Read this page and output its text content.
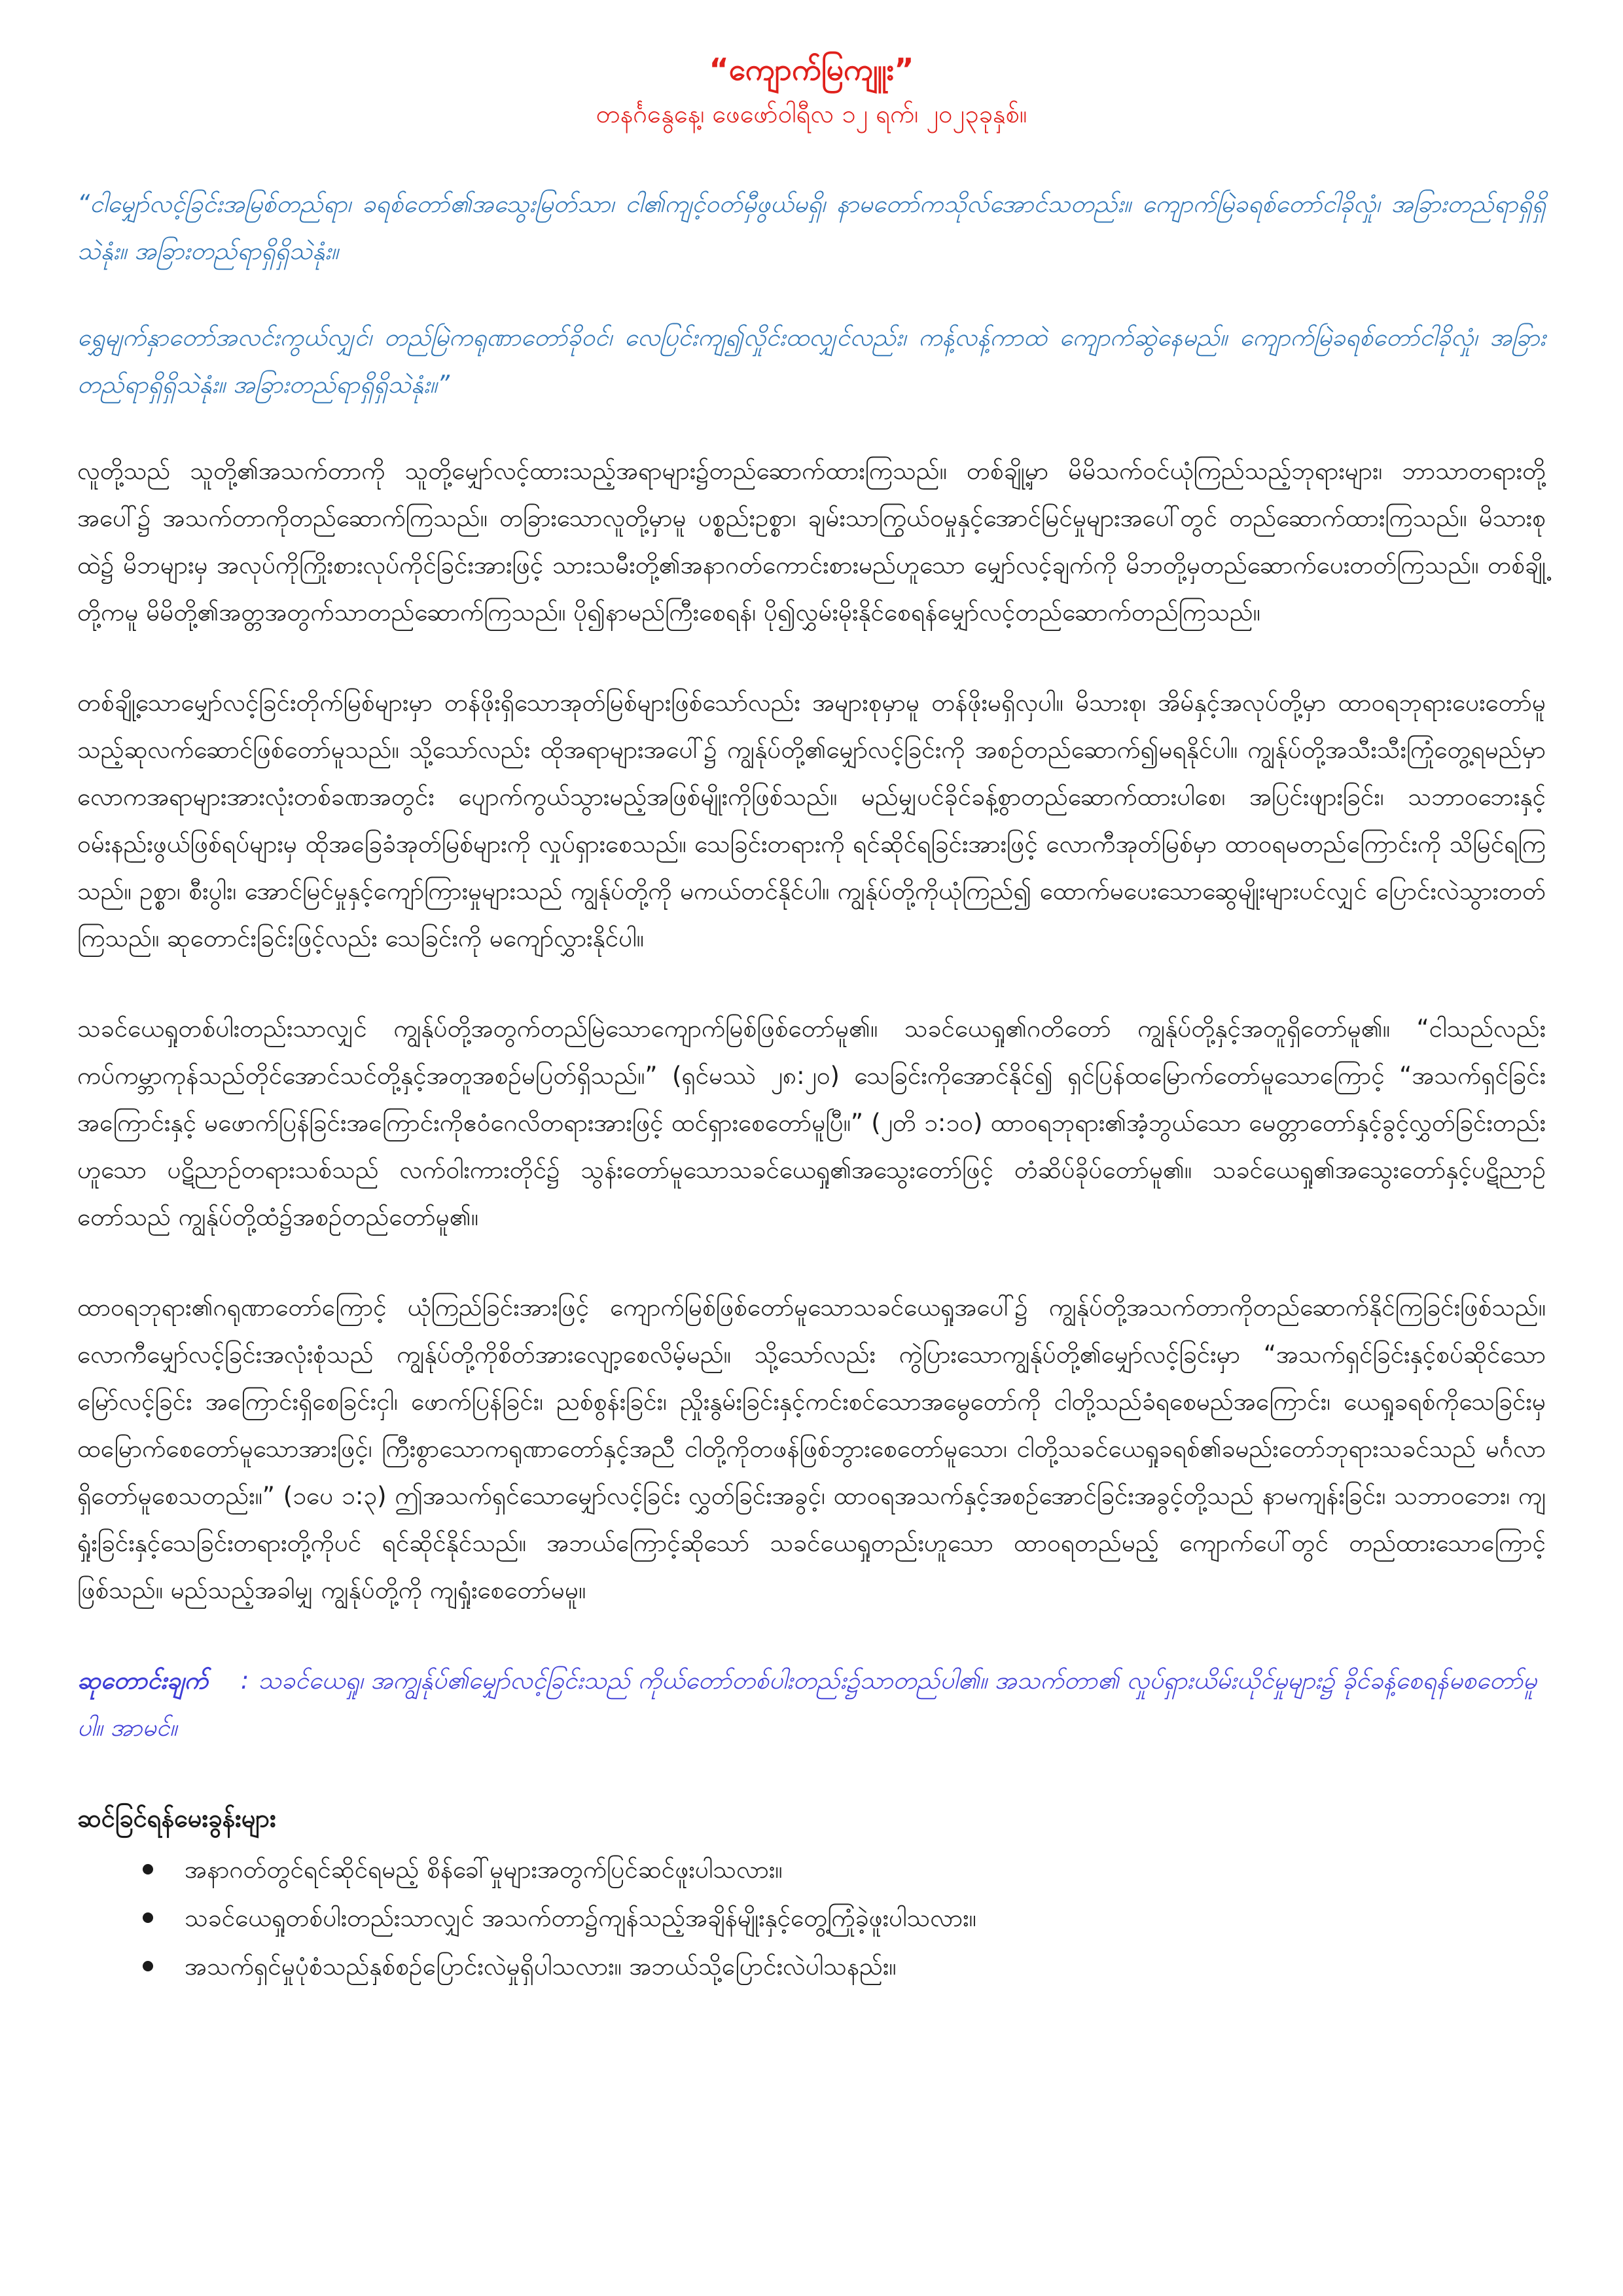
“ကျောက်မြကျူး”

တနင်္ဂနွေနေ့၊ ဖေဖော်ဝါရီလ ၁၂ ရက်၊ ၂၀၂၃ခုနှစ်။

“ငါမျှော်လင့်ခြင်းအမြစ်တည်ရာ၊ ခရစ်တော်၏အသွေးမြတ်သာ၊ ငါ၏ကျင့်ဝတ်မှီဖွယ်မရှိ၊ နာမတော်ကသိုလ်အောင်သတည်း။ ကျောက်မြဲခရစ်တော်ငါခိုလှုံ၊ အခြားတည်ရာရှိရှိသဲနုံး။ အခြားတည်ရာရှိရှိသဲနုံး။

ရွှေမျက်နှာတော်အလင်းကွယ်လျှင်၊ တည်မြဲကရုဏာတော်ခိုဝင်၊ လေပြင်းကျ၍လှိုင်းထလျှင်လည်း၊ ကန့်လန့်ကာထဲ ကျောက်ဆွဲနေမည်။ ကျောက်မြဲခရစ်တော်ငါခိုလှုံ၊ အခြားတည်ရာရှိရှိသဲနုံး။ အခြားတည်ရာရှိရှိသဲနုံး။”

လူတို့သည် သူတို့၏အသက်တာကို သူတို့မျှော်လင့်ထားသည့်အရာများ၌တည်ဆောက်ထားကြသည်။ တစ်ချို့မှာ မိမိသက်ဝင်ယုံကြည်သည့်ဘုရားများ၊ ဘာသာတရားတို့အပေါ်၌ အသက်တာကိုတည်ဆောက်ကြသည်။ တခြားသောလူတို့မှာမူ ပစ္စည်းဥစ္စာ၊ ချမ်းသာကြွယ်ဝမှုနှင့်အောင်မြင်မှုများအပေါ်တွင် တည်ဆောက်ထားကြသည်။ မိသားစုထဲ၌ မိဘများမှ အလုပ်ကိုကြိုးစားလုပ်ကိုင်ခြင်းအားဖြင့် သားသမီးတို့၏အနာဂတ်ကောင်းစားမည်ဟူသော မျှော်လင့်ချက်ကို မိဘတို့မှတည်ဆောက်ပေးတတ်ကြသည်။ တစ်ချို့တို့ကမူ မိမိတို့၏အတ္တအတွက်သာတည်ဆောက်ကြသည်။ ပို၍နာမည်ကြီးစေရန်၊ ပို၍လွှမ်းမိုးနိုင်စေရန်မျှော်လင့်တည်ဆောက်တည်ကြသည်။

တစ်ချို့သောမျှော်လင့်ခြင်းတိုက်မြစ်များမှာ တန်ဖိုးရှိသောအုတ်မြစ်များဖြစ်သော်လည်း အများစုမှာမူ တန်ဖိုးမရှိလှပါ။ မိသားစု၊ အိမ်နှင့်အလုပ်တို့မှာ ထာဝရဘုရားပေးတော်မူသည့်ဆုလက်ဆောင်ဖြစ်တော်မူသည်။ သို့သော်လည်း ထိုအရာများအပေါ်၌ ကျွန်ုပ်တို့၏မျှော်လင့်ခြင်းကို အစဉ်တည်ဆောက်၍မရနိုင်ပါ။ ကျွန်ုပ်တို့အသီးသီးကြုံတွေ့ရမည်မှာ လောကအရာများအားလုံးတစ်ခဏအတွင်း ပျောက်ကွယ်သွားမည့်အဖြစ်မျိုးကိုဖြစ်သည်။ မည်မျှပင်ခိုင်ခန့်စွာတည်ဆောက်ထားပါစေ၊ အပြင်းဖျားခြင်း၊ သဘာဝဘေးနှင့်ဝမ်းနည်းဖွယ်ဖြစ်ရပ်များမှ ထိုအခြေခံအုတ်မြစ်များကို လှုပ်ရှားစေသည်။ သေခြင်းတရားကို ရင်ဆိုင်ရခြင်းအားဖြင့် လောကီအုတ်မြစ်မှာ ထာဝရမတည်ကြောင်းကို သိမြင်ရကြသည်။ ဥစ္စာ၊ စီးပွါး၊ အောင်မြင်မှုနှင့်ကျော်ကြားမှုများသည် ကျွန်ုပ်တို့ကို မကယ်တင်နိုင်ပါ။ ကျွန်ုပ်တို့ကိုယုံကြည်၍ ထောက်မပေးသောဆွေမျိုးများပင်လျှင် ပြောင်းလဲသွားတတ်ကြသည်။ ဆုတောင်းခြင်းဖြင့်လည်း သေခြင်းကို မကျော်လွှားနိုင်ပါ။

သခင်ယေရှုတစ်ပါးတည်းသာလျှင် ကျွန်ုပ်တို့အတွက်တည်မြဲသောကျောက်မြစ်ဖြစ်တော်မူ၏။ သခင်ယေရှု၏ဂတိတော် ကျွန်ုပ်တို့နှင့်အတူရှိတော်မူ၏။ “ငါသည်လည်း ကပ်ကမ္ဘာကုန်သည်တိုင်အောင်သင်တို့နှင့်အတူအစဉ်မပြတ်ရှိသည်။” (ရှင်မဿဲ ၂၈:၂၀) သေခြင်းကိုအောင်နိုင်၍ ရှင်ပြန်ထမြောက်တော်မူသောကြောင့် “အသက်ရှင်ခြင်းအကြောင်းနှင့် မဖောက်ပြန်ခြင်းအကြောင်းကိုဧဝံဂေလိတရားအားဖြင့် ထင်ရှားစေတော်မူပြီ။” (၂တိ ၁:၁၀) ထာဝရဘုရား၏အံ့ဘွယ်သော မေတ္တာတော်နှင့်ခွင့်လွှတ်ခြင်းတည်းဟူသော ပဋိညာဉ်တရားသစ်သည် လက်ဝါးကားတိုင်၌ သွန်းတော်မူသောသခင်ယေရှု၏အသွေးတော်ဖြင့် တံဆိပ်ခိုပ်တော်မူ၏။ သခင်ယေရှု၏အသွေးတော်နှင့်ပဋိညာဉ်တော်သည် ကျွန်ုပ်တို့ထံ၌အစဉ်တည်တော်မူ၏။

ထာဝရဘုရား၏ဂရုဏာတော်ကြောင့် ယုံကြည်ခြင်းအားဖြင့် ကျောက်မြစ်ဖြစ်တော်မူသောသခင်ယေရှုအပေါ်၌ ကျွန်ုပ်တို့အသက်တာကိုတည်ဆောက်နိုင်ကြခြင်းဖြစ်သည်။ လောကီမျှော်လင့်ခြင်းအလုံးစုံသည် ကျွန်ုပ်တို့ကိုစိတ်အားလျော့စေလိမ့်မည်။ သို့သော်လည်း ကွဲပြားသောကျွန်ုပ်တို့၏မျှော်လင့်ခြင်းမှာ “အသက်ရှင်ခြင်းနှင့်စပ်ဆိုင်သောမြော်လင့်ခြင်း အကြောင်းရှိစေခြင်းငှါ၊ ဖောက်ပြန်ခြင်း၊ ညစ်စွန်းခြင်း၊ ညှိုးနွမ်းခြင်းနှင့်ကင်းစင်သောအမွေတော်ကို ငါတို့သည်ခံရစေမည်အကြောင်း၊ ယေရှုခရစ်ကိုသေခြင်းမှထမြောက်စေတော်မူသောအားဖြင့်၊ ကြီးစွာသောကရုဏာတော်နှင့်အညီ ငါတို့ကိုတဖန်ဖြစ်ဘွားစေတော်မူသော၊ ငါတို့သခင်ယေရှုခရစ်၏ခမည်းတော်ဘုရားသခင်သည် မင်္ဂလာရှိတော်မူစေသတည်း။” (၁ပေ ၁:၃) ဤအသက်ရှင်သောမျှော်လင့်ခြင်း လွှတ်ခြင်းအခွင့်၊ ထာဝရအသက်နှင့်အစဉ်အောင်ခြင်းအခွင့်တို့သည် နာမကျန်းခြင်း၊ သဘာဝဘေး၊ ကျရှုံးခြင်းနှင့်သေခြင်းတရားတို့ကိုပင် ရင်ဆိုင်နိုင်သည်။ အဘယ်ကြောင့်ဆိုသော် သခင်ယေရှုတည်းဟူသော ထာဝရတည်မည့် ကျောက်ပေါ်တွင် တည်ထားသောကြောင့်ဖြစ်သည်။ မည်သည့်အခါမျှ ကျွန်ုပ်တို့ကို ကျရှုံးစေတော်မမူ။

ဆုတောင်းချက် : သခင်ယေရှု၊ အကျွန်ုပ်၏မျှော်လင့်ခြင်းသည် ကိုယ်တော်တစ်ပါးတည်း၌သာတည်ပါ၏။ အသက်တာ၏ လှုပ်ရှားယိမ်းယိုင်မှုများ၌ ခိုင်ခန့်စေရန်မစတော်မူပါ။ အာမင်။

ဆင်ခြင်ရန်မေးခွန်းများ
အနာဂတ်တွင်ရင်ဆိုင်ရမည့် စိန်ခေါ်မှုများအတွက်ပြင်ဆင်ဖူးပါသလား။
သခင်ယေရှုတစ်ပါးတည်းသာလျှင် အသက်တာ၌ကျန်သည့်အချိန်မျိုးနှင့်တွေ့ကြုံခဲ့ဖူးပါသလား။
အသက်ရှင်မှုပုံစံသည်နှစ်စဉ်ပြောင်းလဲမှုရှိပါသလား။ အဘယ်သို့ပြောင်းလဲပါသနည်း။
